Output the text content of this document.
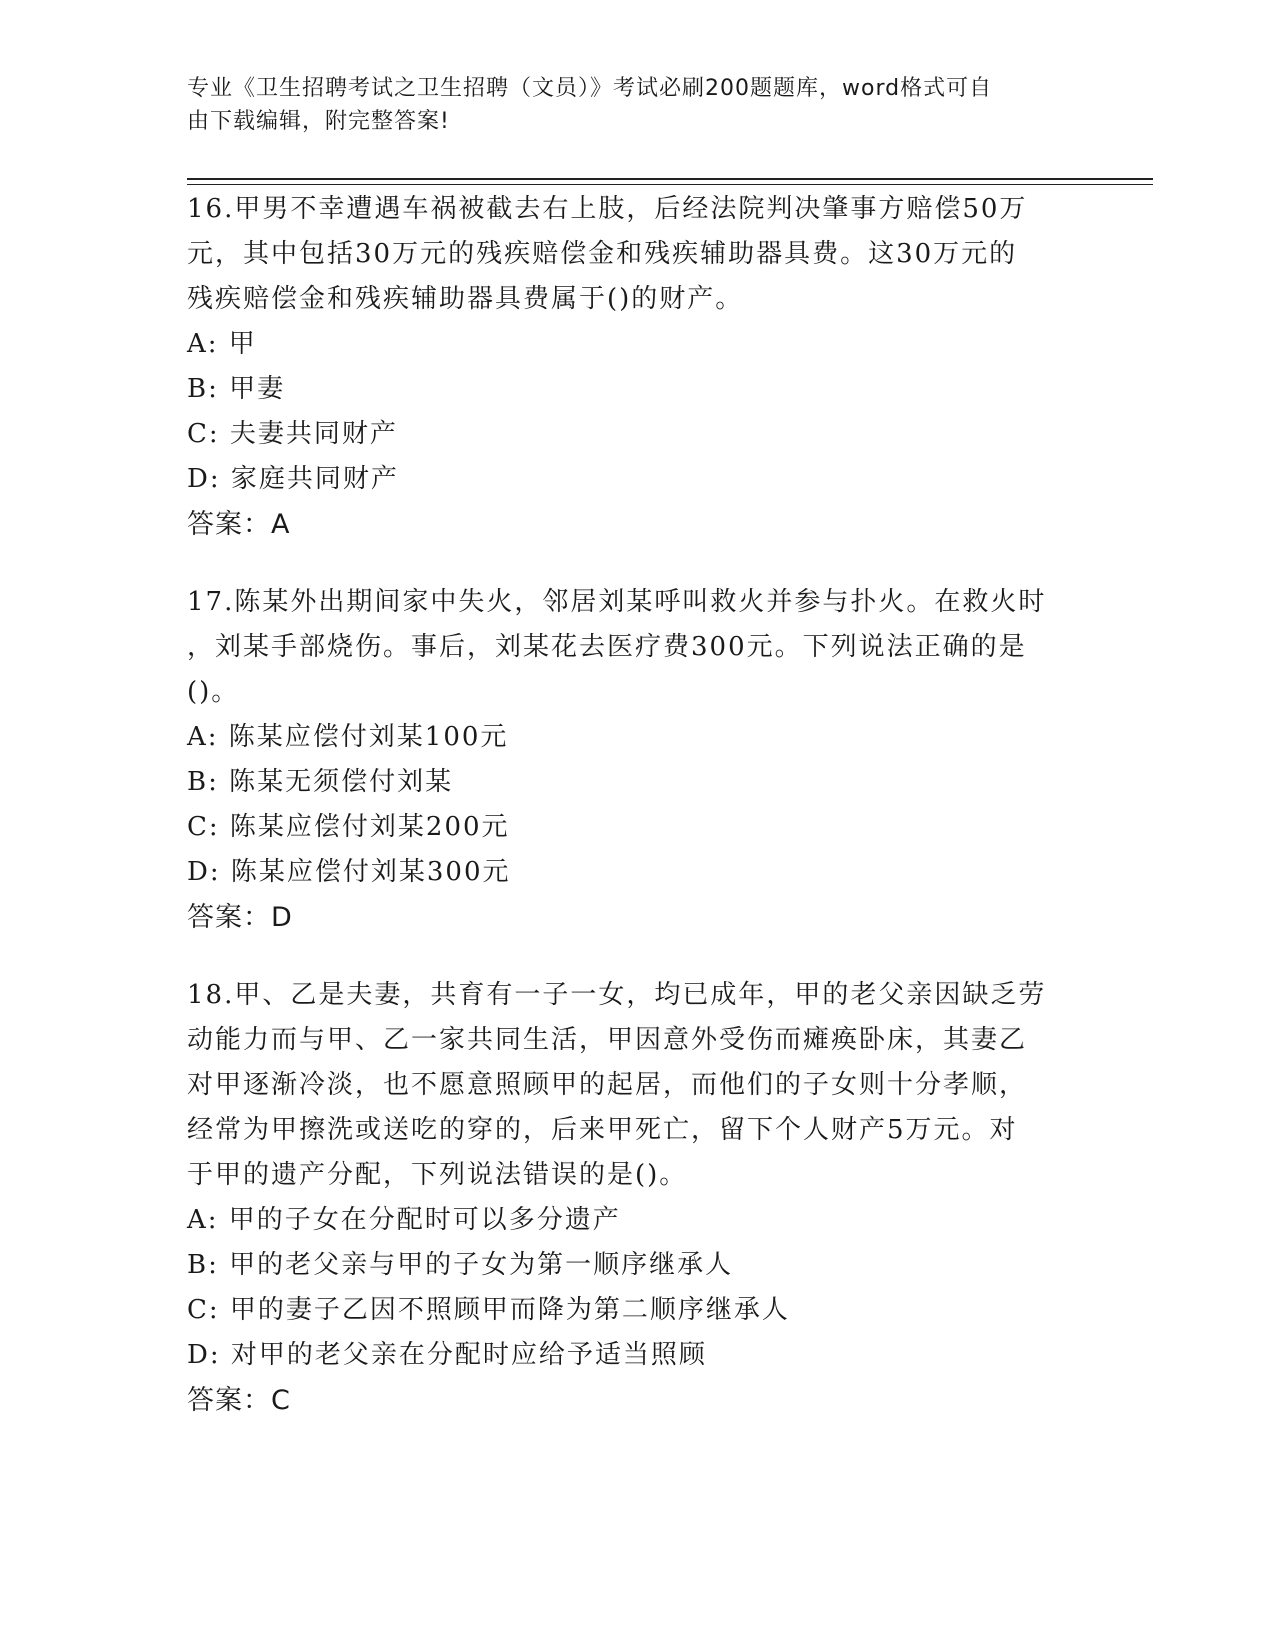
专业《卫生招聘考试之卫生招聘（文员）》考试必刷200题题库，word格式可自
由下载编辑，附完整答案!

16.甲男不幸遭遇车祸被截去右上肢，后经法院判决肇事方赔偿50万
元，其中包括30万元的残疾赔偿金和残疾辅助器具费。这30万元的
残疾赔偿金和残疾辅助器具费属于()的财产。

A: 甲

B: 甲妻

C: 夫妻共同财产

D: 家庭共同财产

答案：A

17.陈某外出期间家中失火，邻居刘某呼叫救火并参与扑火。在救火时
，刘某手部烧伤。事后，刘某花去医疗费300元。下列说法正确的是
()。

A: 陈某应偿付刘某100元

B: 陈某无须偿付刘某

C: 陈某应偿付刘某200元

D: 陈某应偿付刘某300元

答案：D

18.甲、乙是夫妻，共育有一子一女，均已成年，甲的老父亲因缺乏劳
动能力而与甲、乙一家共同生活，甲因意外受伤而瘫痪卧床，其妻乙
对甲逐渐冷淡，也不愿意照顾甲的起居，而他们的子女则十分孝顺，
经常为甲擦洗或送吃的穿的，后来甲死亡，留下个人财产5万元。对
于甲的遗产分配，下列说法错误的是()。

A: 甲的子女在分配时可以多分遗产

B: 甲的老父亲与甲的子女为第一顺序继承人

C: 甲的妻子乙因不照顾甲而降为第二顺序继承人

D: 对甲的老父亲在分配时应给予适当照顾

答案：C
